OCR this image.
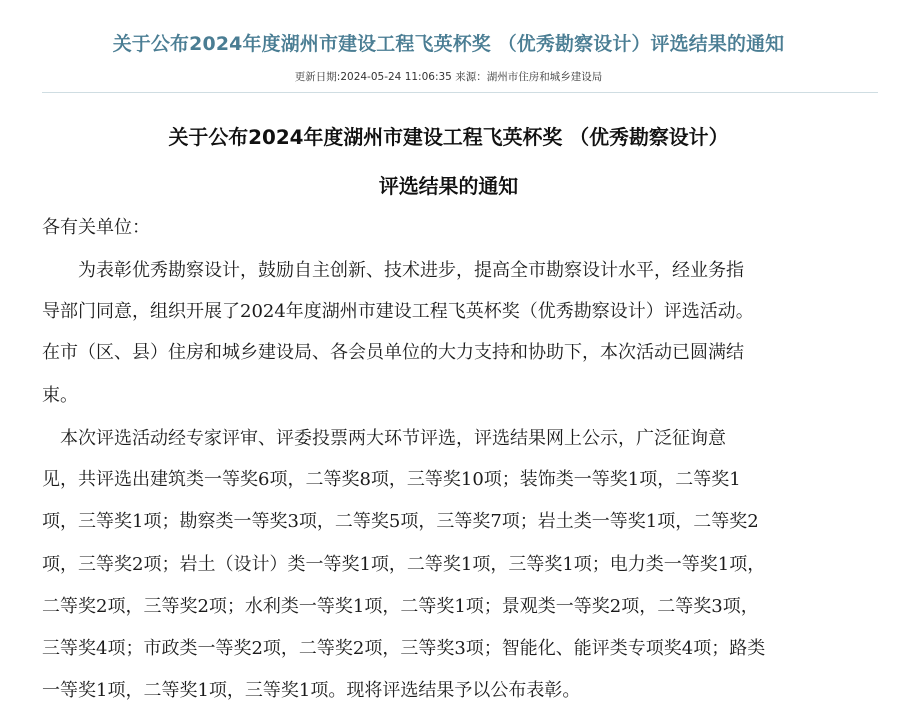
关于公布2024年度湖州市建设工程飞英杯奖 （优秀勘察设计）评选结果的通知
更新日期:2024-05-24 11:06:35 来源：湖州市住房和城乡建设局
关于公布2024年度湖州市建设工程飞英杯奖 （优秀勘察设计）
评选结果的通知
各有关单位：
为表彰优秀勘察设计，鼓励自主创新、技术进步，提高全市勘察设计水平，经业务指
导部门同意，组织开展了2024年度湖州市建设工程飞英杯奖（优秀勘察设计）评选活动。
在市（区、县）住房和城乡建设局、各会员单位的大力支持和协助下，本次活动已圆满结
束。
本次评选活动经专家评审、评委投票两大环节评选，评选结果网上公示，广泛征询意
见，共评选出建筑类一等奖6项，二等奖8项，三等奖10项；装饰类一等奖1项，二等奖1
项，三等奖1项；勘察类一等奖3项，二等奖5项，三等奖7项；岩土类一等奖1项，二等奖2
项，三等奖2项；岩土（设计）类一等奖1项，二等奖1项，三等奖1项；电力类一等奖1项，
二等奖2项，三等奖2项；水利类一等奖1项，二等奖1项；景观类一等奖2项，二等奖3项，
三等奖4项；市政类一等奖2项，二等奖2项，三等奖3项；智能化、能评类专项奖4项；路类
一等奖1项，二等奖1项，三等奖1项。现将评选结果予以公布表彰。
